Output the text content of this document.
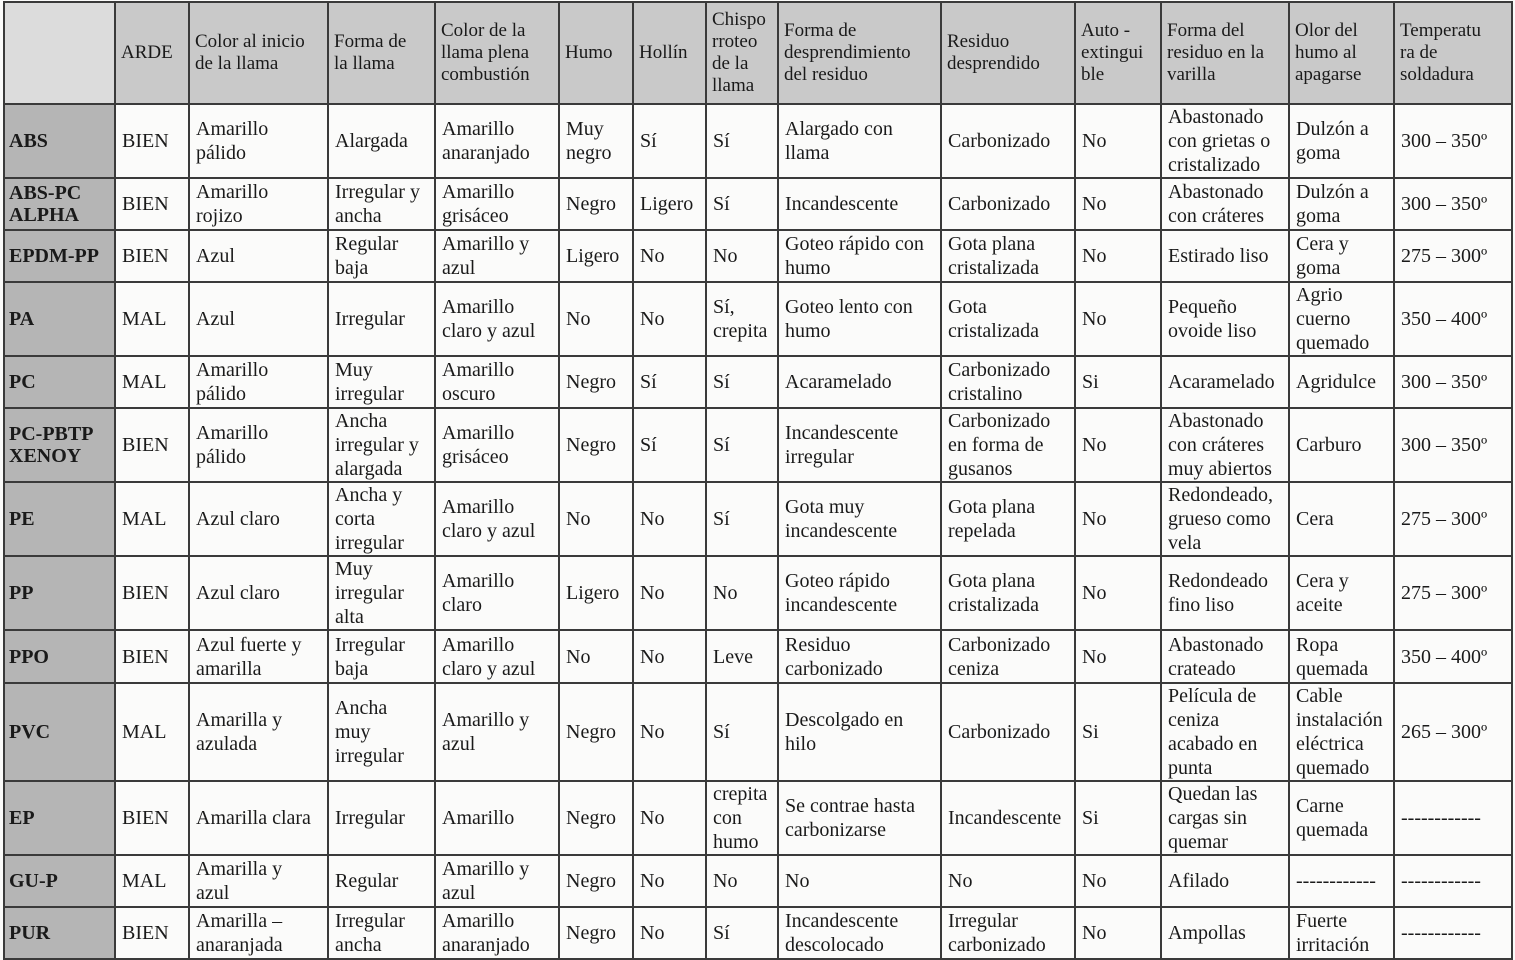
	ARDE	Color al inicio
de la llama	Forma de
la llama	Color de la
llama plena
combustión	Humo	Hollín	Chispo
rroteo
de la
llama	Forma de
desprendimiento
del residuo	Residuo
desprendido	Auto -
extingui
ble	Forma del
residuo en la
varilla	Olor del
humo al
apagarse	Temperatu
ra de
soldadura

ABS	BIEN	Amarillo
pálido	Alargada	Amarillo
anaranjado	Muy
negro	Sí	Sí	Alargado con
llama	Carbonizado	No	Abastonado
con grietas o
cristalizado	Dulzón a
goma	300 – 350º

ABS-PC
ALPHA	BIEN	Amarillo
rojizo	Irregular y
ancha	Amarillo
grisáceo	Negro	Ligero	Sí	Incandescente	Carbonizado	No	Abastonado
con cráteres	Dulzón a
goma	300 – 350º

EPDM-PP	BIEN	Azul	Regular
baja	Amarillo y
azul	Ligero	No	No	Goteo rápido con
humo	Gota plana
cristalizada	No	Estirado liso	Cera y
goma	275 – 300º

PA	MAL	Azul	Irregular	Amarillo
claro y azul	No	No	Sí,
crepita	Goteo lento con
humo	Gota
cristalizada	No	Pequeño
ovoide liso	Agrio
cuerno
quemado	350 – 400º

PC	MAL	Amarillo
pálido	Muy
irregular	Amarillo
oscuro	Negro	Sí	Sí	Acaramelado	Carbonizado
cristalino	Si	Acaramelado	Agridulce	300 – 350º

PC-PBTP
XENOY	BIEN	Amarillo
pálido	Ancha
irregular y
alargada	Amarillo
grisáceo	Negro	Sí	Sí	Incandescente
irregular	Carbonizado
en forma de
gusanos	No	Abastonado
con cráteres
muy abiertos	Carburo	300 – 350º

PE	MAL	Azul claro	Ancha y
corta
irregular	Amarillo
claro y azul	No	No	Sí	Gota muy
incandescente	Gota plana
repelada	No	Redondeado,
grueso como
vela	Cera	275 – 300º

PP	BIEN	Azul claro	Muy
irregular
alta	Amarillo
claro	Ligero	No	No	Goteo rápido
incandescente	Gota plana
cristalizada	No	Redondeado
fino liso	Cera y
aceite	275 – 300º

PPO	BIEN	Azul fuerte y
amarilla	Irregular
baja	Amarillo
claro y azul	No	No	Leve	Residuo
carbonizado	Carbonizado
ceniza	No	Abastonado
crateado	Ropa
quemada	350 – 400º

PVC	MAL	Amarilla y
azulada	Ancha
muy
irregular	Amarillo y
azul	Negro	No	Sí	Descolgado en
hilo	Carbonizado	Si	Película de
ceniza
acabado en
punta	Cable
instalación
eléctrica
quemado	265 – 300º

EP	BIEN	Amarilla clara	Irregular	Amarillo	Negro	No	crepita
con
humo	Se contrae hasta
carbonizarse	Incandescente	Si	Quedan las
cargas sin
quemar	Carne
quemada	------------

GU-P	MAL	Amarilla y
azul	Regular	Amarillo y
azul	Negro	No	No	No	No	No	Afilado	------------	------------

PUR	BIEN	Amarilla –
anaranjada	Irregular
ancha	Amarillo
anaranjado	Negro	No	Sí	Incandescente
descolocado	Irregular
carbonizado	No	Ampollas	Fuerte
irritación	------------
